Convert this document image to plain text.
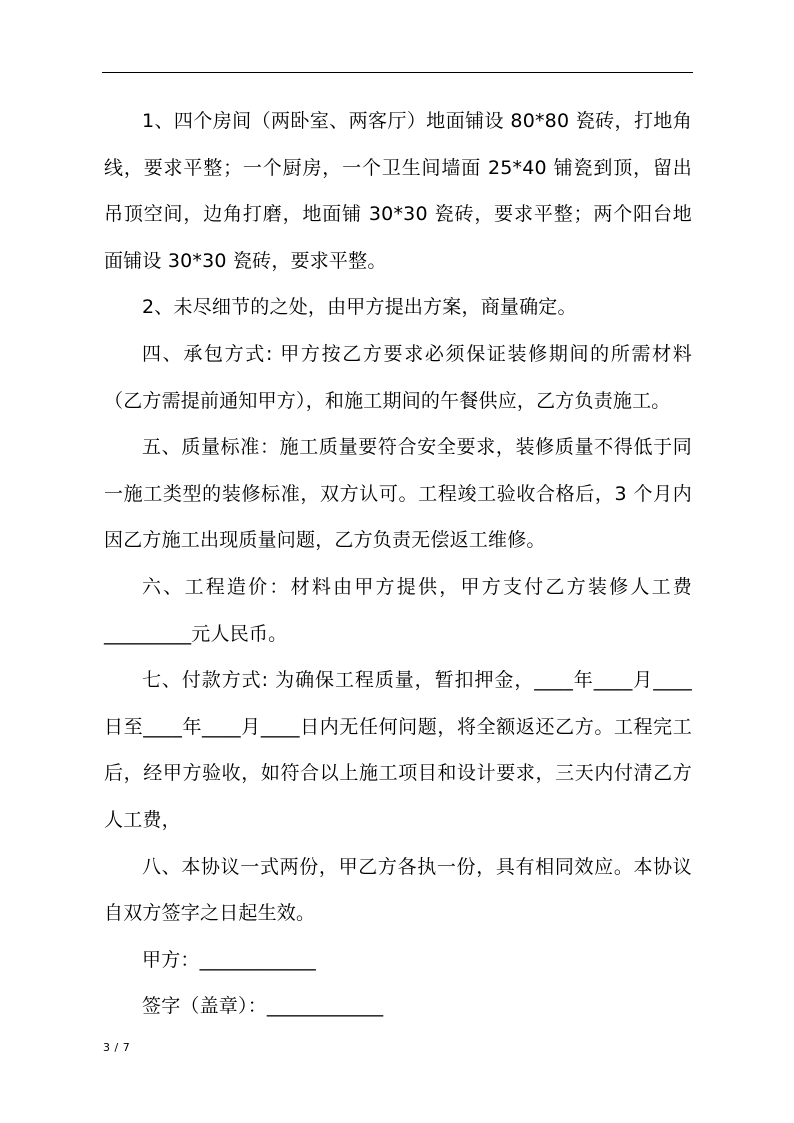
1、四个房间（两卧室、两客厅）地面铺设 80*80 瓷砖，打地角线，要求平整；一个厨房，一个卫生间墙面 25*40 铺瓷到顶，留出吊顶空间，边角打磨，地面铺 30*30 瓷砖，要求平整；两个阳台地面铺设 30*30 瓷砖，要求平整。

2、未尽细节的之处，由甲方提出方案，商量确定。

四、承包方式: 甲方按乙方要求必须保证装修期间的所需材料（乙方需提前通知甲方），和施工期间的午餐供应，乙方负责施工。

五、质量标准：施工质量要符合安全要求，装修质量不得低于同一施工类型的装修标准，双方认可。工程竣工验收合格后，3 个月内因乙方施工出现质量问题，乙方负责无偿返工维修。

六、工程造价：材料由甲方提供，甲方支付乙方装修人工费_________元人民币。

七、付款方式: 为确保工程质量，暂扣押金，____年____月____日至____年____月____日内无任何问题，将全额返还乙方。工程完工后，经甲方验收，如符合以上施工项目和设计要求，三天内付清乙方人工费，

八、本协议一式两份，甲乙方各执一份，具有相同效应。本协议自双方签字之日起生效。

甲方：____________

签字（盖章）：____________

3 / 7
